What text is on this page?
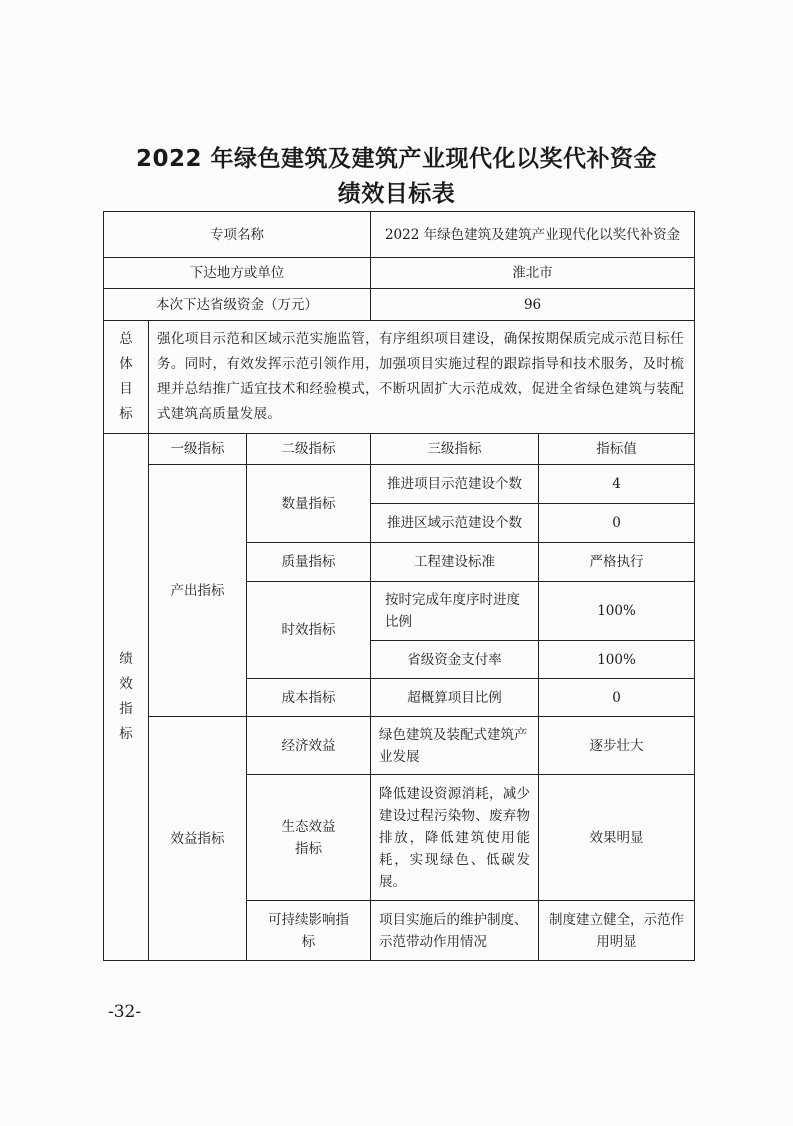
2022 年绿色建筑及建筑产业现代化以奖代补资金
绩效目标表
专项名称			2022 年绿色建筑及建筑产业现代化以奖代补资金	
下达地方或单位			淮北市	
本次下达省级资金（万元）			96	
总体目标	强化项目示范和区域示范实施监管，有序组织项目建设，确保按期保质完成示范目标任务。同时，有效发挥示范引领作用，加强项目实施过程的跟踪指导和技术服务，及时梳理并总结推广适宜技术和经验模式，不断巩固扩大示范成效，促进全省绿色建筑与装配式建筑高质量发展。			
绩效指标	一级指标	二级指标	三级指标	指标值
	产出指标	数量指标	推进项目示范建设个数	4
			推进区域示范建设个数	0
		质量指标	工程建设标准	严格执行
		时效指标	按时完成年度序时进度比例	100%
			省级资金支付率	100%
		成本指标	超概算项目比例	0

	效益指标	经济效益	绿色建筑及装配式建筑产业发展	逐步壮大
		生态效益指标	降低建设资源消耗，减少建设过程污染物、废弃物排放，降低建筑使用能耗，实现绿色、低碳发展。	效果明显
		可持续影响指标	项目实施后的维护制度、示范带动作用情况	制度建立健全，示范作用明显
-32-
